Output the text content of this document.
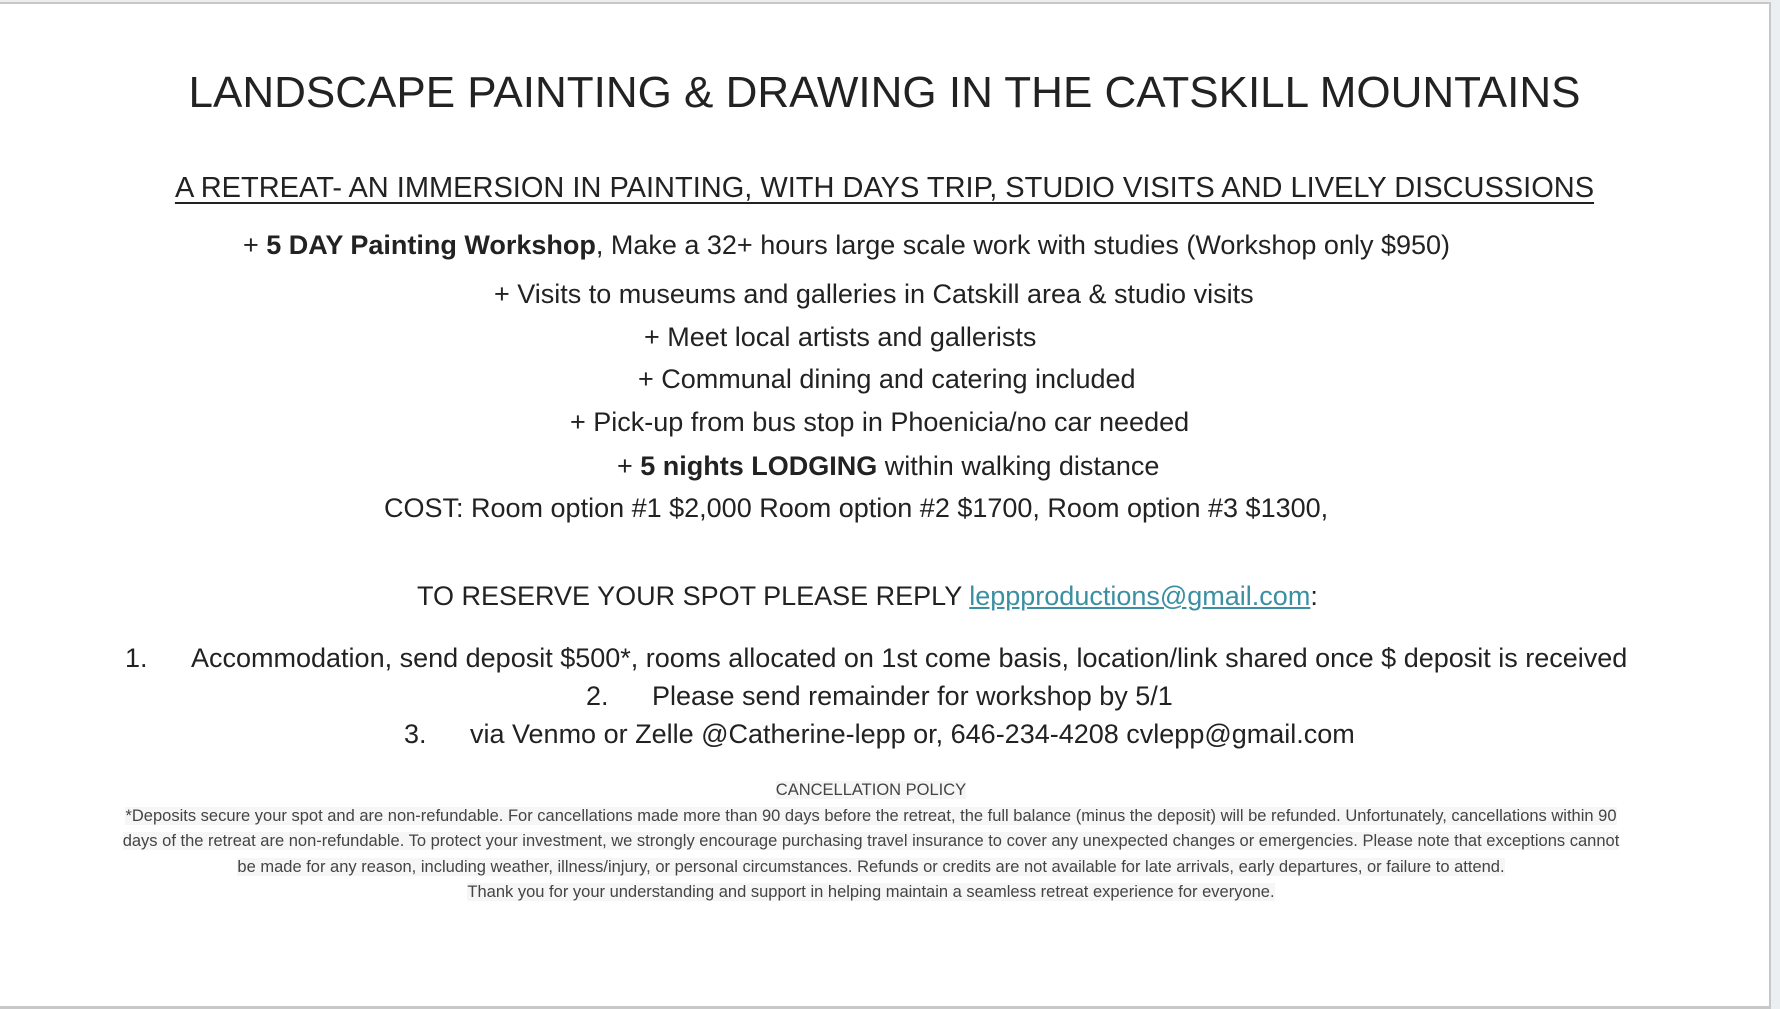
LANDSCAPE PAINTING & DRAWING IN THE CATSKILL MOUNTAINS
A RETREAT- AN IMMERSION IN PAINTING, WITH DAYS TRIP, STUDIO VISITS AND LIVELY DISCUSSIONS
+ 5 DAY Painting Workshop, Make a 32+ hours large scale work with studies (Workshop only $950)
+ Visits to museums and galleries in Catskill area & studio visits
+ Meet local artists and gallerists
+ Communal dining and catering included
+ Pick-up from bus stop in Phoenicia/no car needed
+ 5 nights LODGING within walking distance
COST: Room option #1 $2,000 Room option #2 $1700, Room option #3 $1300,
TO RESERVE YOUR SPOT PLEASE REPLY leppproductions@gmail.com:
1. Accommodation, send deposit $500*, rooms allocated on 1st come basis, location/link shared once $ deposit is received
2. Please send remainder for workshop by 5/1
3. via Venmo or Zelle @Catherine-lepp or, 646-234-4208 cvlepp@gmail.com
CANCELLATION POLICY
*Deposits secure your spot and are non-refundable. For cancellations made more than 90 days before the retreat, the full balance (minus the deposit) will be refunded. Unfortunately, cancellations within 90
days of the retreat are non-refundable. To protect your investment, we strongly encourage purchasing travel insurance to cover any unexpected changes or emergencies. Please note that exceptions cannot
be made for any reason, including weather, illness/injury, or personal circumstances. Refunds or credits are not available for late arrivals, early departures, or failure to attend.
Thank you for your understanding and support in helping maintain a seamless retreat experience for everyone.
